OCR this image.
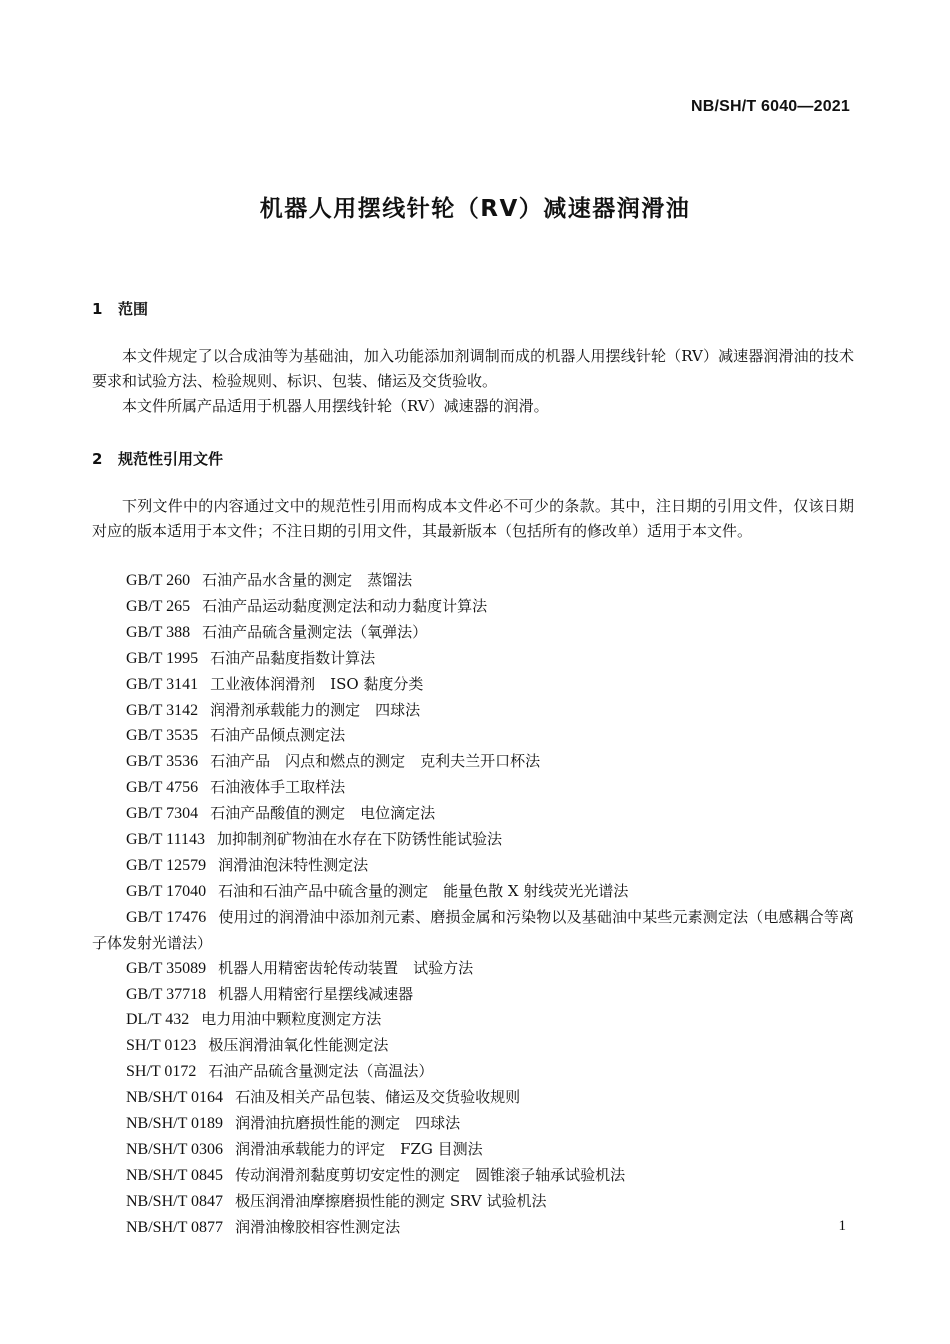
NB/SH/T 6040—2021
机器人用摆线针轮（RV）减速器润滑油
1 范围
本文件规定了以合成油等为基础油，加入功能添加剂调制而成的机器人用摆线针轮（RV）减速器润滑油的技术要求和试验方法、检验规则、标识、包装、储运及交货验收。
本文件所属产品适用于机器人用摆线针轮（RV）减速器的润滑。
2 规范性引用文件
下列文件中的内容通过文中的规范性引用而构成本文件必不可少的条款。其中，注日期的引用文件，仅该日期对应的版本适用于本文件；不注日期的引用文件，其最新版本（包括所有的修改单）适用于本文件。
GB/T 260 石油产品水含量的测定　蒸馏法
GB/T 265 石油产品运动黏度测定法和动力黏度计算法
GB/T 388 石油产品硫含量测定法（氧弹法）
GB/T 1995 石油产品黏度指数计算法
GB/T 3141 工业液体润滑剂　ISO 黏度分类
GB/T 3142 润滑剂承载能力的测定　四球法
GB/T 3535 石油产品倾点测定法
GB/T 3536 石油产品　闪点和燃点的测定　克利夫兰开口杯法
GB/T 4756 石油液体手工取样法
GB/T 7304 石油产品酸值的测定　电位滴定法
GB/T 11143 加抑制剂矿物油在水存在下防锈性能试验法
GB/T 12579 润滑油泡沫特性测定法
GB/T 17040 石油和石油产品中硫含量的测定　能量色散 X 射线荧光光谱法
GB/T 17476 使用过的润滑油中添加剂元素、磨损金属和污染物以及基础油中某些元素测定法（电感耦合等离子体发射光谱法）
GB/T 35089 机器人用精密齿轮传动装置　试验方法
GB/T 37718 机器人用精密行星摆线减速器
DL/T 432 电力用油中颗粒度测定方法
SH/T 0123 极压润滑油氧化性能测定法
SH/T 0172 石油产品硫含量测定法（高温法）
NB/SH/T 0164 石油及相关产品包装、储运及交货验收规则
NB/SH/T 0189 润滑油抗磨损性能的测定　四球法
NB/SH/T 0306 润滑油承载能力的评定　FZG 目测法
NB/SH/T 0845 传动润滑剂黏度剪切安定性的测定　圆锥滚子轴承试验机法
NB/SH/T 0847 极压润滑油摩擦磨损性能的测定 SRV 试验机法
NB/SH/T 0877 润滑油橡胶相容性测定法	1
